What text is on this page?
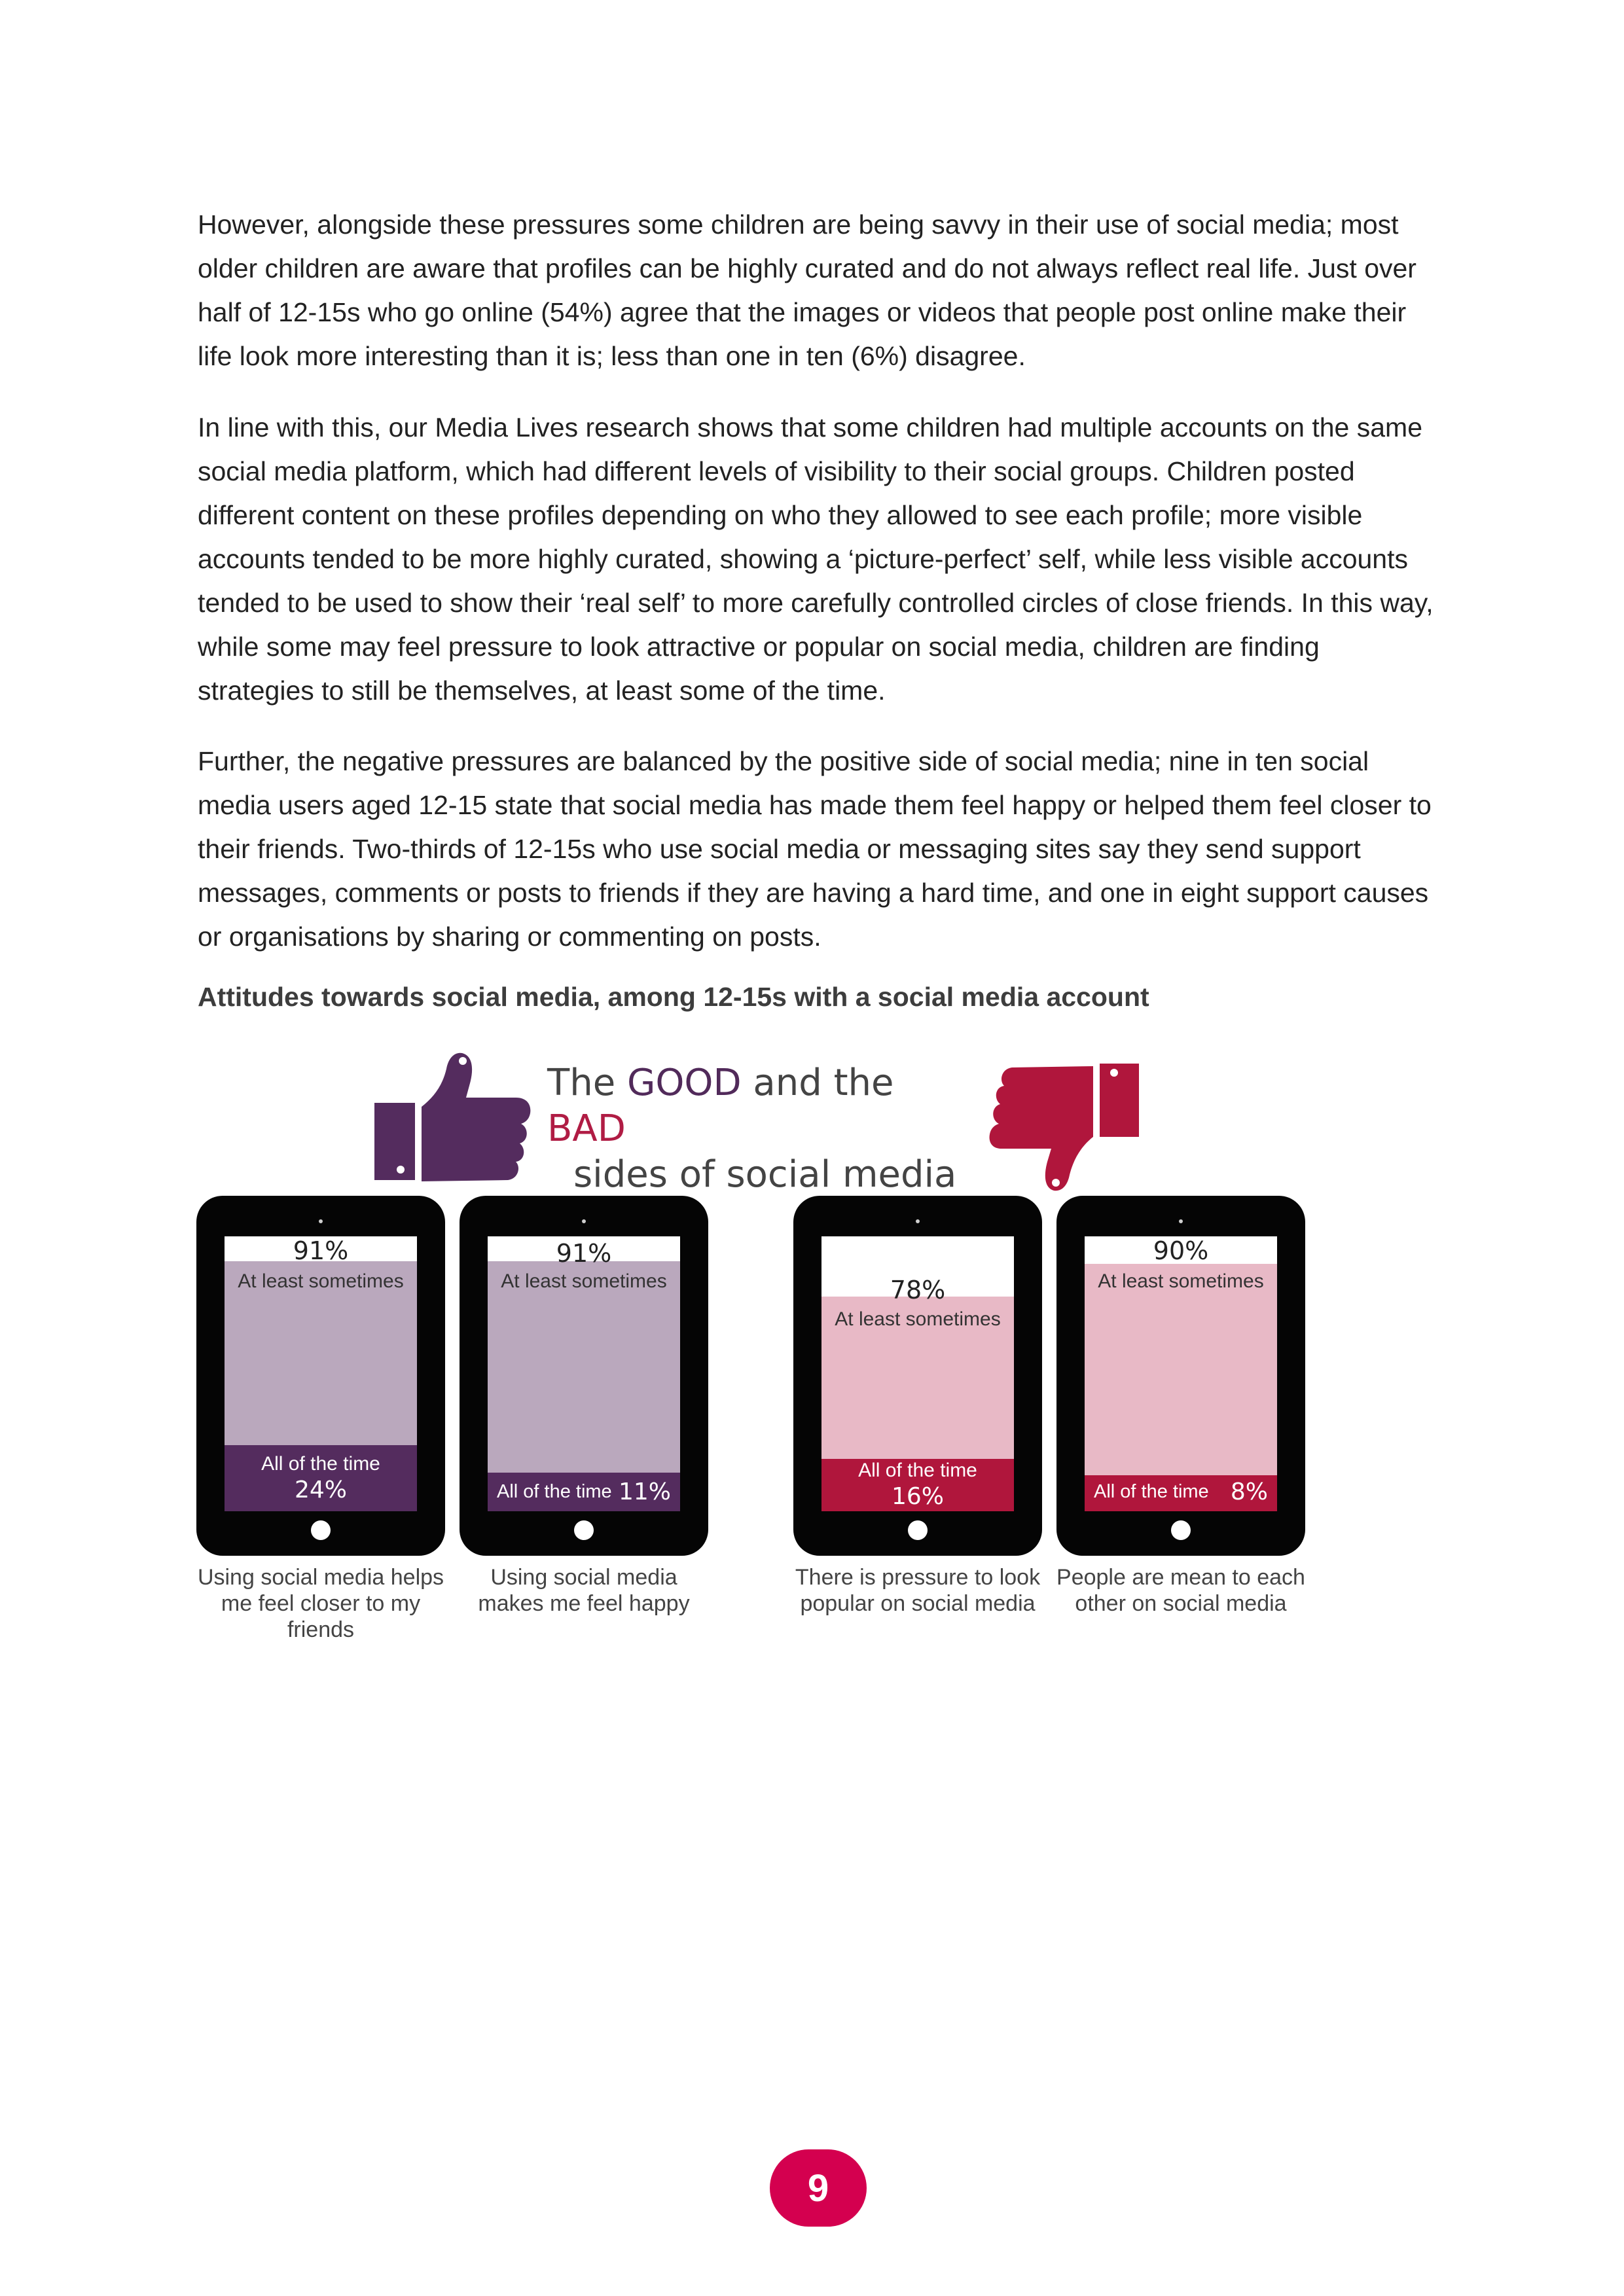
However, alongside these pressures some children are being savvy in their use of social media; most older children are aware that profiles can be highly curated and do not always reflect real life. Just over half of 12-15s who go online (54%) agree that the images or videos that people post online make their life look more interesting than it is; less than one in ten (6%) disagree.

In line with this, our Media Lives research shows that some children had multiple accounts on the same social media platform, which had different levels of visibility to their social groups. Children posted different content on these profiles depending on who they allowed to see each profile; more visible accounts tended to be more highly curated, showing a ‘picture-perfect’ self, while less visible accounts tended to be used to show their ‘real self’ to more carefully controlled circles of close friends. In this way, while some may feel pressure to look attractive or popular on social media, children are finding strategies to still be themselves, at least some of the time.

Further, the negative pressures are balanced by the positive side of social media; nine in ten social media users aged 12-15 state that social media has made them feel happy or helped them feel closer to their friends. Two-thirds of 12-15s who use social media or messaging sites say they send support messages, comments or posts to friends if they are having a hard time, and one in eight support causes or organisations by sharing or commenting on posts.

Attitudes towards social media, among 12-15s with a social media account

The GOOD and the BAD
sides of social media
91%
At least sometimes
All of the time
24%
Using social media helps me feel closer to my friends
91%
At least sometimes
All of the time 11%
Using social media makes me feel happy
78%
At least sometimes
All of the time
16%
There is pressure to look popular on social media
90%
At least sometimes
All of the time 8%
People are mean to each other on social media
9
